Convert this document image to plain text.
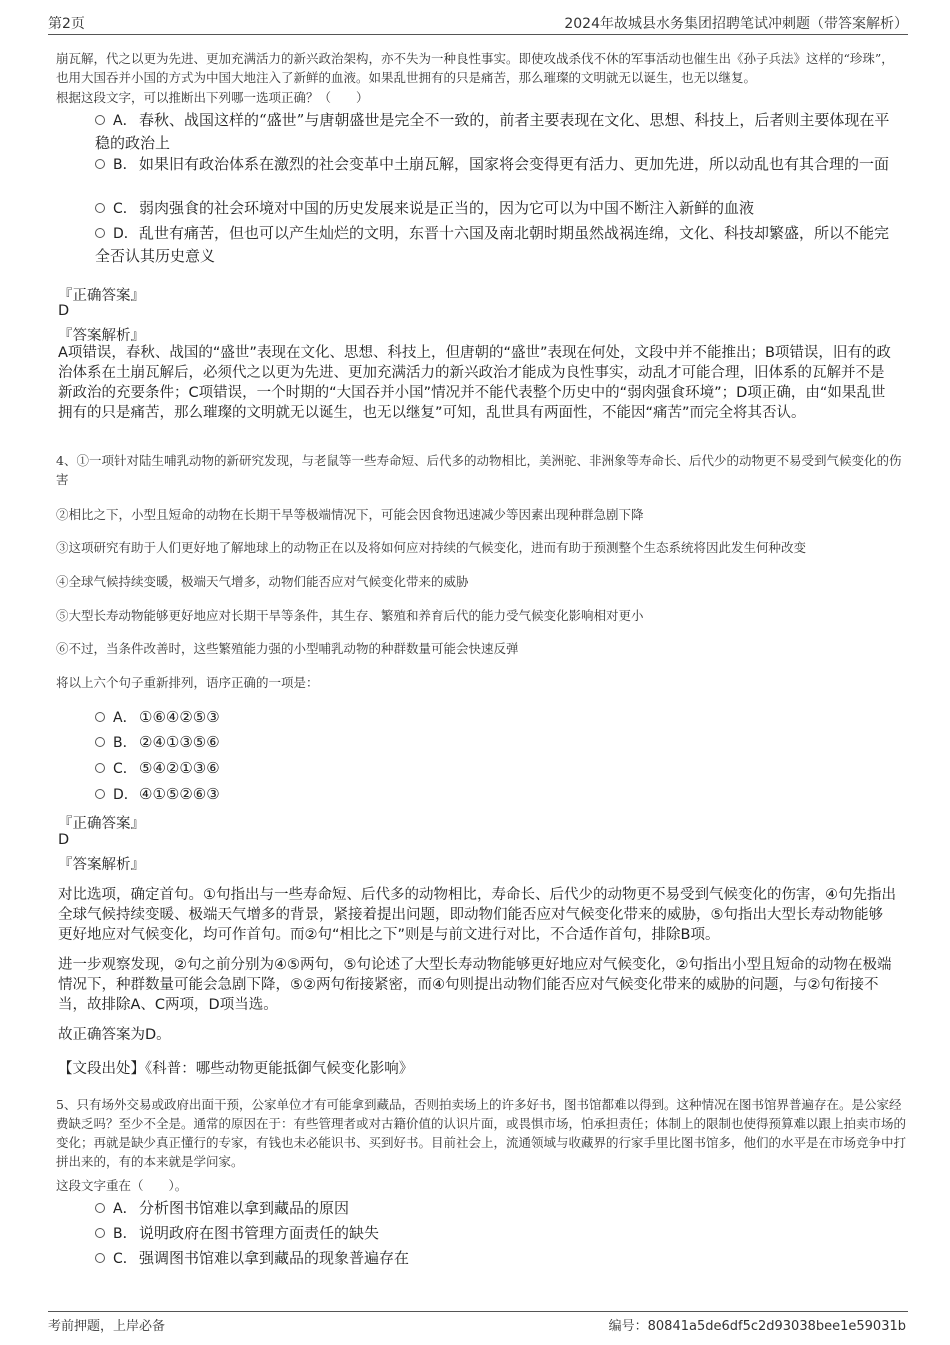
第2页	2024年故城县水务集团招聘笔试冲刺题（带答案解析）
崩瓦解，代之以更为先进、更加充满活力的新兴政治架构，亦不失为一种良性事实。即使攻战杀伐不休的军事活动也催生出《孙子兵法》这样的“珍珠”，也用大国吞并小国的方式为中国大地注入了新鲜的血液。如果乱世拥有的只是痛苦，那么璀璨的文明就无以诞生，也无以继复。
根据这段文字，可以推断出下列哪一选项正确？（　　）
A． 春秋、战国这样的“盛世”与唐朝盛世是完全不一致的，前者主要表现在文化、思想、科技上，后者则主要体现在平稳的政治上
B． 如果旧有政治体系在激烈的社会变革中土崩瓦解，国家将会变得更有活力、更加先进，所以动乱也有其合理的一面
C． 弱肉强食的社会环境对中国的历史发展来说是正当的，因为它可以为中国不断注入新鲜的血液
D．乱世有痛苦，但也可以产生灿烂的文明，东晋十六国及南北朝时期虽然战祸连绵，文化、科技却繁盛，所以不能完全否认其历史意义
『正确答案』
D
『答案解析』
A项错误，春秋、战国的“盛世”表现在文化、思想、科技上，但唐朝的“盛世”表现在何处，文段中并不能推出；B项错误，旧有的政治体系在土崩瓦解后，必须代之以更为先进、更加充满活力的新兴政治才能成为良性事实，动乱才可能合理，旧体系的瓦解并不是新政治的充要条件；C项错误，一个时期的“大国吞并小国”情况并不能代表整个历史中的“弱肉强食环境”；D项正确，由“如果乱世拥有的只是痛苦，那么璀璨的文明就无以诞生，也无以继复”可知，乱世具有两面性，不能因“痛苦”而完全将其否认。
4、①一项针对陆生哺乳动物的新研究发现，与老鼠等一些寿命短、后代多的动物相比，美洲驼、非洲象等寿命长、后代少的动物更不易受到气候变化的伤害
②相比之下，小型且短命的动物在长期干旱等极端情况下，可能会因食物迅速减少等因素出现种群急剧下降
③这项研究有助于人们更好地了解地球上的动物正在以及将如何应对持续的气候变化，进而有助于预测整个生态系统将因此发生何种改变
④全球气候持续变暖，极端天气增多，动物们能否应对气候变化带来的威胁
⑤大型长寿动物能够更好地应对长期干旱等条件，其生存、繁殖和养育后代的能力受气候变化影响相对更小
⑥不过，当条件改善时，这些繁殖能力强的小型哺乳动物的种群数量可能会快速反弹
将以上六个句子重新排列，语序正确的一项是：
A． ①⑥④②⑤③
B． ②④①③⑤⑥
C． ⑤④②①③⑥
D．④①⑤②⑥③
『正确答案』
D
『答案解析』
对比选项，确定首句。①句指出与一些寿命短、后代多的动物相比，寿命长、后代少的动物更不易受到气候变化的伤害，④句先指出全球气候持续变暖、极端天气增多的背景，紧接着提出问题，即动物们能否应对气候变化带来的威胁，⑤句指出大型长寿动物能够更好地应对气候变化，均可作首句。而②句“相比之下”则是与前文进行对比，不合适作首句，排除B项。
进一步观察发现，②句之前分别为④⑤两句，⑤句论述了大型长寿动物能够更好地应对气候变化，②句指出小型且短命的动物在极端情况下，种群数量可能会急剧下降，⑤②两句衔接紧密，而④句则提出动物们能否应对气候变化带来的威胁的问题，与②句衔接不当，故排除A、C两项，D项当选。
故正确答案为D。
【文段出处】《科普：哪些动物更能抵御气候变化影响》
5、只有场外交易或政府出面干预，公家单位才有可能拿到藏品，否则拍卖场上的许多好书，图书馆都难以得到。这种情况在图书馆界普遍存在。是公家经费缺乏吗？至少不全是。通常的原因在于：有些管理者或对古籍价值的认识片面，或畏惧市场，怕承担责任；体制上的限制也使得预算难以跟上拍卖市场的变化；再就是缺少真正懂行的专家，有钱也未必能识书、买到好书。目前社会上，流通领域与收藏界的行家手里比图书馆多，他们的水平是在市场竞争中打拼出来的，有的本来就是学问家。
这段文字重在（　　）。
A． 分析图书馆难以拿到藏品的原因
B． 说明政府在图书管理方面责任的缺失
C． 强调图书馆难以拿到藏品的现象普遍存在
考前押题，上岸必备	编号：80841a5de6df5c2d93038bee1e59031b
